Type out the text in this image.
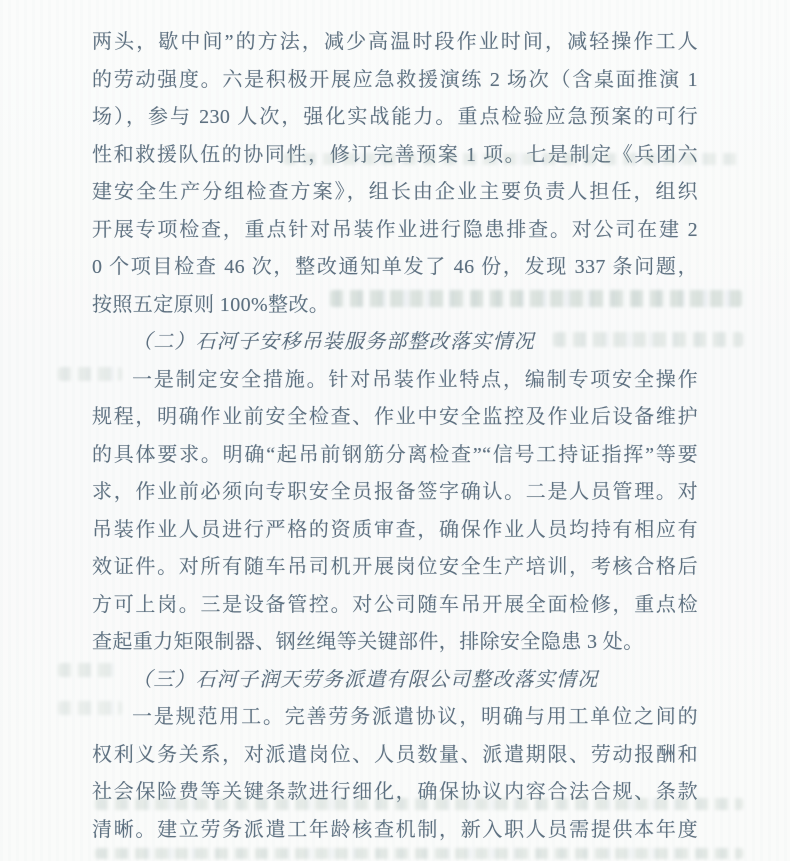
两头，歇中间”的方法，减少高温时段作业时间，减轻操作工人
的劳动强度。六是积极开展应急救援演练 2 场次（含桌面推演 1
场），参与 230 人次，强化实战能力。重点检验应急预案的可行
性和救援队伍的协同性，修订完善预案 1 项。七是制定《兵团六
建安全生产分组检查方案》，组长由企业主要负责人担任，组织
开展专项检查，重点针对吊装作业进行隐患排查。对公司在建 2
0 个项目检查 46 次，整改通知单发了 46 份，发现 337 条问题，
按照五定原则 100%整改。
（二）石河子安移吊装服务部整改落实情况
一是制定安全措施。针对吊装作业特点，编制专项安全操作
规程，明确作业前安全检查、作业中安全监控及作业后设备维护
的具体要求。明确“起吊前钢筋分离检查”“信号工持证指挥”等要
求，作业前必须向专职安全员报备签字确认。二是人员管理。对
吊装作业人员进行严格的资质审查，确保作业人员均持有相应有
效证件。对所有随车吊司机开展岗位安全生产培训，考核合格后
方可上岗。三是设备管控。对公司随车吊开展全面检修，重点检
查起重力矩限制器、钢丝绳等关键部件，排除安全隐患 3 处。
（三）石河子润天劳务派遣有限公司整改落实情况
一是规范用工。完善劳务派遣协议，明确与用工单位之间的
权利义务关系，对派遣岗位、人员数量、派遣期限、劳动报酬和
社会保险费等关键条款进行细化，确保协议内容合法合规、条款
清晰。建立劳务派遣工年龄核查机制，新入职人员需提供本年度
